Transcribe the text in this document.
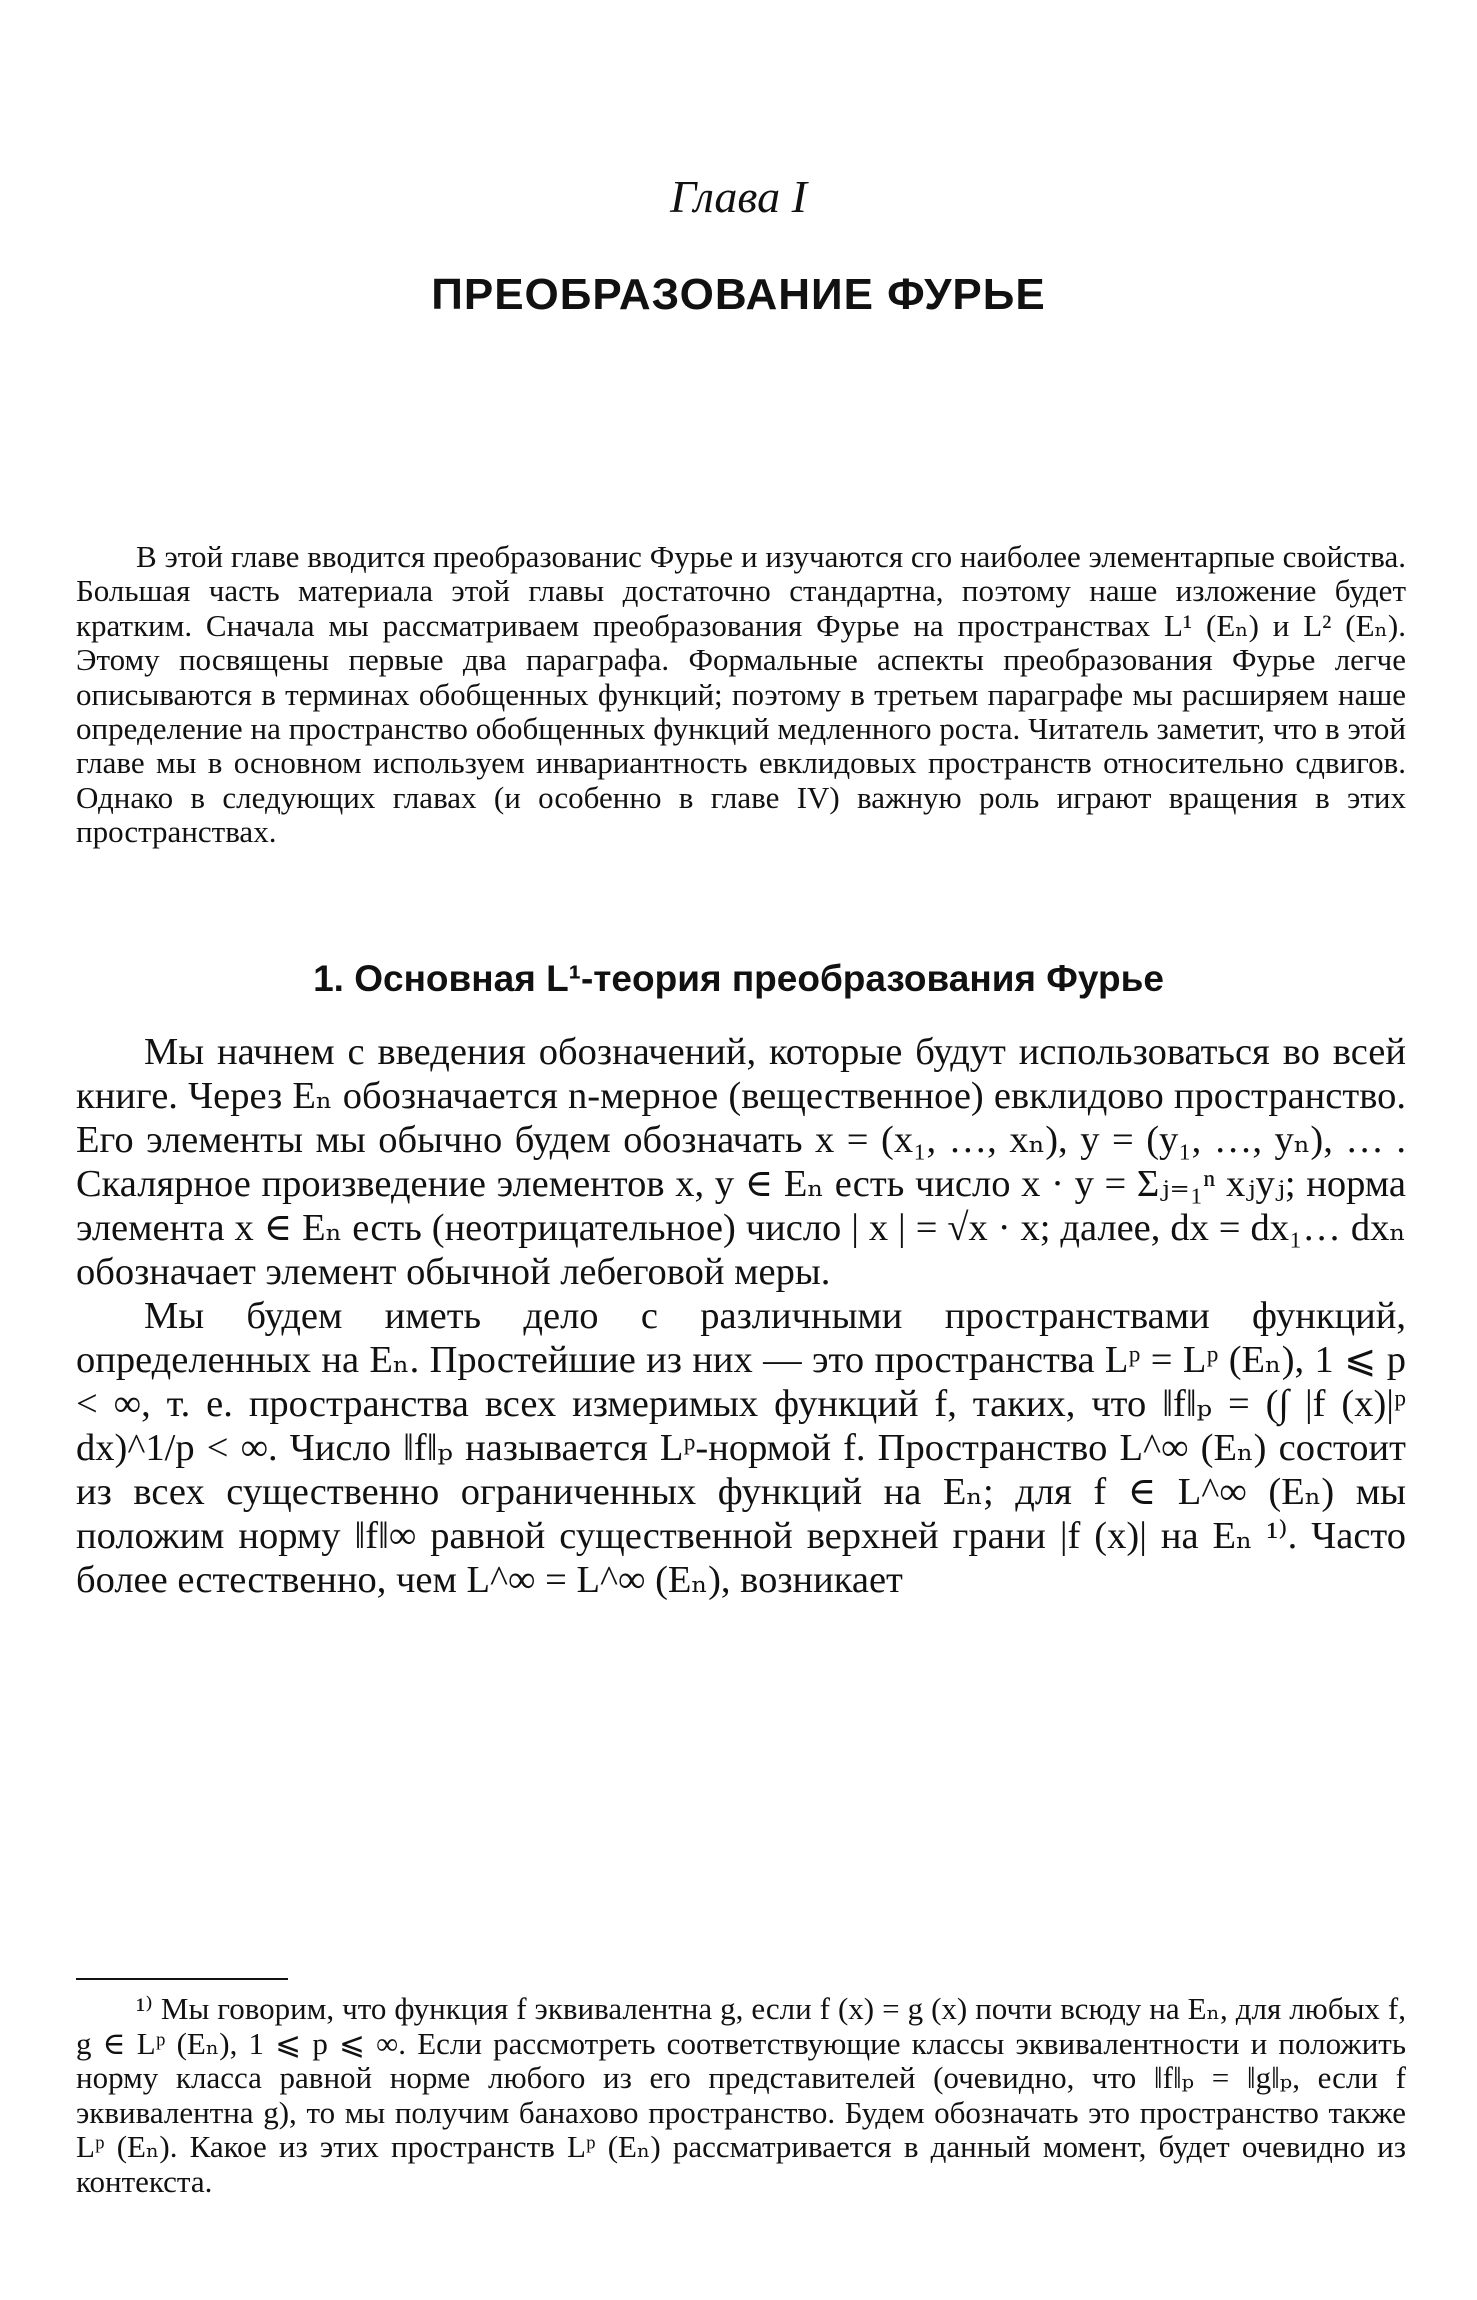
Глава I
ПРЕОБРАЗОВАНИЕ ФУРЬЕ

В этой главе вводится преобразованис Фурье и изучаются сго наиболее элементарпые свойства. Большая часть материала этой главы достаточно стандартна, поэтому наше изложение будет кратким. Сначала мы рассматриваем преобразования Фурье на пространствах L¹ (Eₙ) и L² (Eₙ). Этому посвящены первые два параграфа. Формальные аспекты преобразования Фурье легче описываются в терминах обобщенных функций; поэтому в третьем параграфе мы расширяем наше определение на пространство обобщенных функций медленного роста. Читатель заметит, что в этой главе мы в основном используем инвариантность евклидовых пространств относительно сдвигов. Однако в следующих главах (и особенно в главе IV) важную роль играют вращения в этих пространствах.

1. Основная L¹-теория преобразования Фурье

Мы начнем с введения обозначений, которые будут использоваться во всей книге. Через Eₙ обозначается n-мерное (вещественное) евклидово пространство. Его элементы мы обычно будем обозначать x = (x₁, …, xₙ), y = (y₁, …, yₙ), … . Скалярное произведение элементов x, y ∈ Eₙ есть число x · y = Σⱼ₌₁ⁿ xⱼyⱼ; норма элемента x ∈ Eₙ есть (неотрицательное) число | x | = √x · x; далее, dx = dx₁… dxₙ обозначает элемент обычной лебеговой меры.

Мы будем иметь дело с различными пространствами функций, определенных на Eₙ. Простейшие из них — это пространства Lᵖ = Lᵖ (Eₙ), 1 ⩽ p < ∞, т. е. пространства всех измеримых функций f, таких, что ‖f‖ₚ = (∫ |f (x)|ᵖ dx)^1/p < ∞. Число ‖f‖ₚ называется Lᵖ-нормой f. Пространство L^∞ (Eₙ) состоит из всех существенно ограниченных функций на Eₙ; для f ∈ L^∞ (Eₙ) мы положим норму ‖f‖∞ равной существенной верхней грани |f (x)| на Eₙ ¹⁾. Часто более естественно, чем L^∞ = L^∞ (Eₙ), возникает

¹⁾ Мы говорим, что функция f эквивалентна g, если f (x) = g (x) почти всюду на Eₙ, для любых f, g ∈ Lᵖ (Eₙ), 1 ⩽ p ⩽ ∞. Если рассмотреть соответствующие классы эквивалентности и положить норму класса равной норме любого из его представителей (очевидно, что ‖f‖ₚ = ‖g‖ₚ, если f эквивалентна g), то мы получим банахово пространство. Будем обозначать это пространство также Lᵖ (Eₙ). Какое из этих пространств Lᵖ (Eₙ) рассматривается в данный момент, будет очевидно из контекста.
